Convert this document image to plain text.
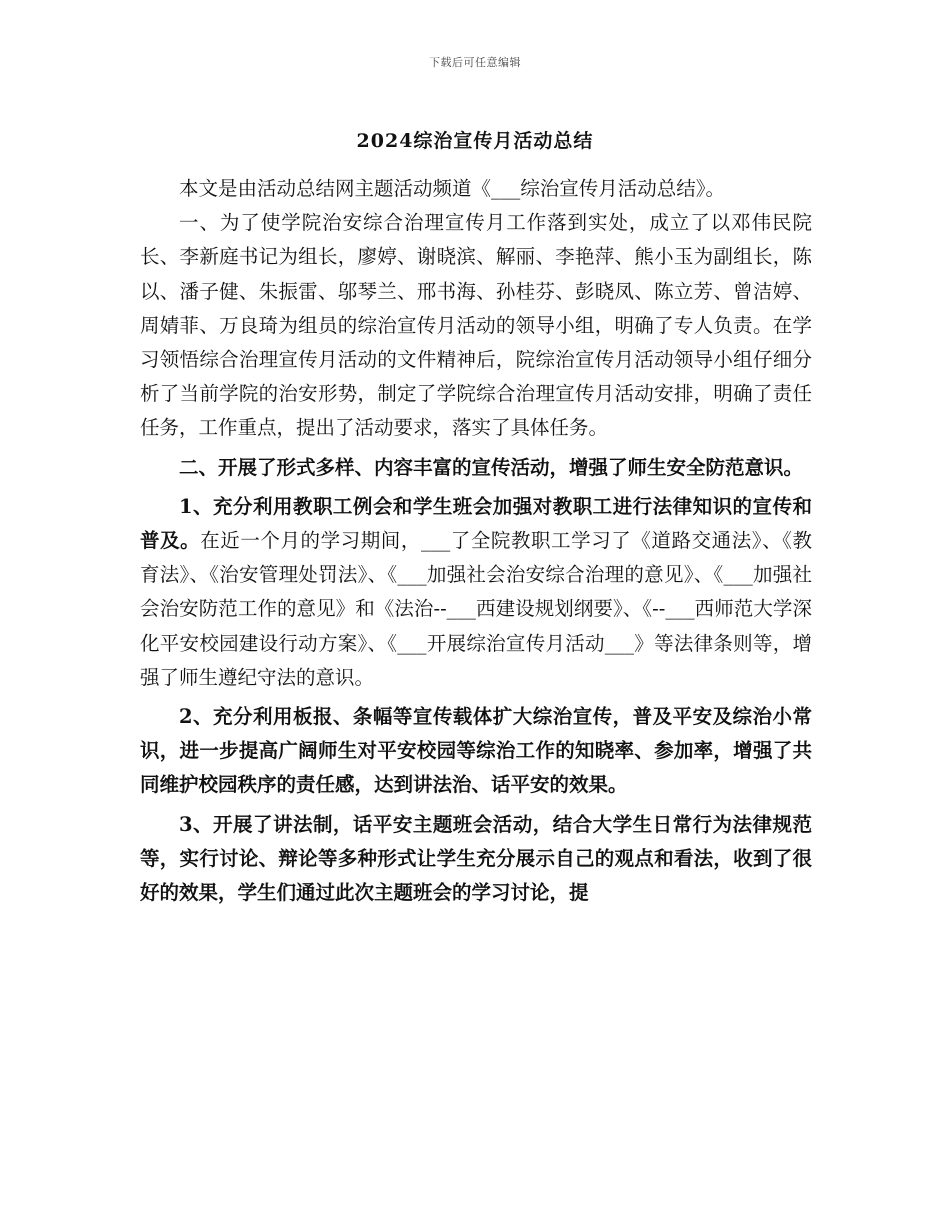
下载后可任意编辑
2024综治宣传月活动总结

本文是由活动总结网主题活动频道《___综治宣传月活动总结》。

一、为了使学院治安综合治理宣传月工作落到实处，成立了以邓伟民院长、李新庭书记为组长，廖婷、谢晓滨、解丽、李艳萍、熊小玉为副组长，陈以、潘子健、朱振雷、邬琴兰、邢书海、孙桂芬、彭晓凤、陈立芳、曾洁婷、周婧菲、万良琦为组员的综治宣传月活动的领导小组，明确了专人负责。在学习领悟综合治理宣传月活动的文件精神后，院综治宣传月活动领导小组仔细分析了当前学院的治安形势，制定了学院综合治理宣传月活动安排，明确了责任任务，工作重点，提出了活动要求，落实了具体任务。

二、开展了形式多样、内容丰富的宣传活动，增强了师生安全防范意识。

1、充分利用教职工例会和学生班会加强对教职工进行法律知识的宣传和普及。在近一个月的学习期间，___了全院教职工学习了《道路交通法》、《教育法》、《治安管理处罚法》、《___加强社会治安综合治理的意见》、《___加强社会治安防范工作的意见》和《法治--___西建设规划纲要》、《--___西师范大学深化平安校园建设行动方案》、《___开展综治宣传月活动___》等法律条则等，增强了师生遵纪守法的意识。

2、充分利用板报、条幅等宣传载体扩大综治宣传，普及平安及综治小常识，进一步提高广阔师生对平安校园等综治工作的知晓率、参加率，增强了共同维护校园秩序的责任感，达到讲法治、话平安的效果。

3、开展了讲法制，话平安主题班会活动，结合大学生日常行为法律规范等，实行讨论、辩论等多种形式让学生充分展示自己的观点和看法，收到了很好的效果，学生们通过此次主题班会的学习讨论，提
